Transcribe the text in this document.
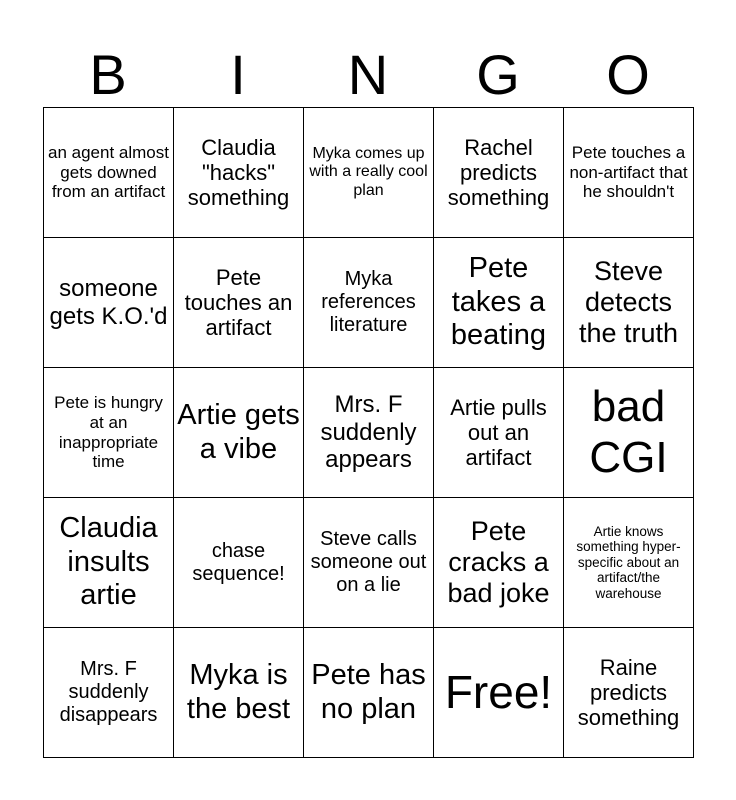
B	I	N	G	O
an agent almost gets downed from an artifact	Claudia "hacks" something	Myka comes up with a really cool plan	Rachel predicts something	Pete touches a non-artifact that he shouldn't
someone gets K.O.'d	Pete touches an artifact	Myka references literature	Pete takes a beating	Steve detects the truth
Pete is hungry at an inappropriate time	Artie gets a vibe	Mrs. F suddenly appears	Artie pulls out an artifact	bad CGI
Claudia insults artie	chase sequence!	Steve calls someone out on a lie	Pete cracks a bad joke	Artie knows something hyper-specific about an artifact/the warehouse
Mrs. F suddenly disappears	Myka is the best	Pete has no plan	Free!	Raine predicts something
